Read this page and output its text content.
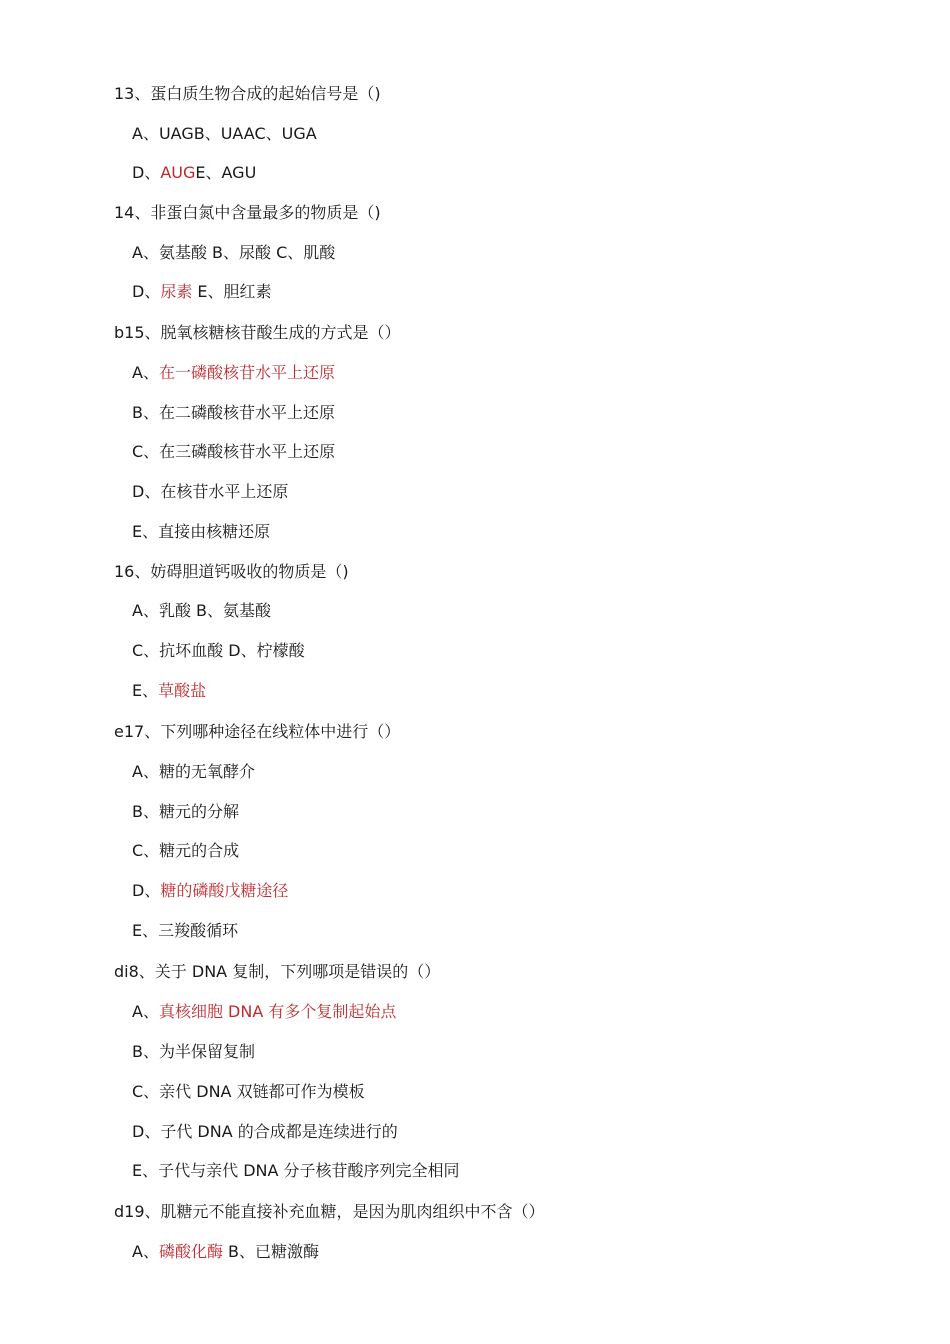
13、蛋白质生物合成的起始信号是（)
A、UAGB、UAAC、UGA
D、AUGE、AGU
14、非蛋白氮中含量最多的物质是（)
A、氨基酸 B、尿酸 C、肌酸
D、尿素 E、胆红素
b15、脱氧核糖核苷酸生成的方式是（）
A、在一磷酸核苷水平上还原
B、在二磷酸核苷水平上还原
C、在三磷酸核苷水平上还原
D、在核苷水平上还原
E、直接由核糖还原
16、妨碍胆道钙吸收的物质是（)
A、乳酸 B、氨基酸
C、抗坏血酸 D、柠檬酸
E、草酸盐
e17、下列哪种途径在线粒体中进行（）
A、糖的无氧酵介
B、糖元的分解
C、糖元的合成
D、糖的磷酸戊糖途径
E、三羧酸循环
di8、关于 DNA 复制，下列哪项是错误的（）
A、真核细胞 DNA 有多个复制起始点
B、为半保留复制
C、亲代 DNA 双链都可作为模板
D、子代 DNA 的合成都是连续进行的
E、子代与亲代 DNA 分子核苷酸序列完全相同
d19、肌糖元不能直接补充血糖，是因为肌肉组织中不含（）
A、磷酸化酶 B、已糖激酶
